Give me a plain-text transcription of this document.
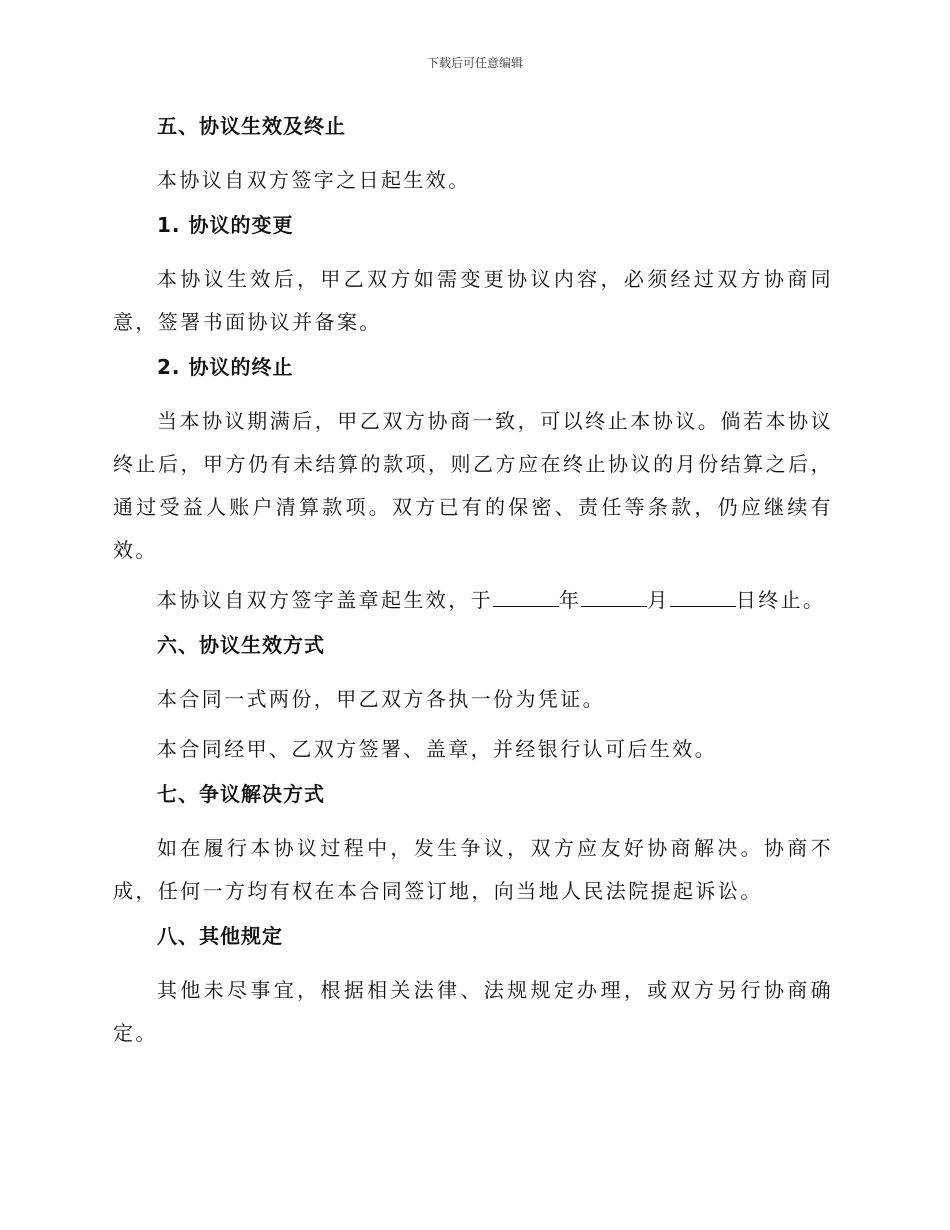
下载后可任意编辑
五、协议生效及终止
本协议自双方签字之日起生效。
1. 协议的变更
本协议生效后，甲乙双方如需变更协议内容，必须经过双方协商同意，签署书面协议并备案。
2. 协议的终止
当本协议期满后，甲乙双方协商一致，可以终止本协议。倘若本协议终止后，甲方仍有未结算的款项，则乙方应在终止协议的月份结算之后，通过受益人账户清算款项。双方已有的保密、责任等条款，仍应继续有效。
本协议自双方签字盖章起生效，于	年	月	日终止。
六、协议生效方式
本合同一式两份，甲乙双方各执一份为凭证。
本合同经甲、乙双方签署、盖章，并经银行认可后生效。
七、争议解决方式
如在履行本协议过程中，发生争议，双方应友好协商解决。协商不成，任何一方均有权在本合同签订地，向当地人民法院提起诉讼。
八、其他规定
其他未尽事宜，根据相关法律、法规规定办理，或双方另行协商确定。
